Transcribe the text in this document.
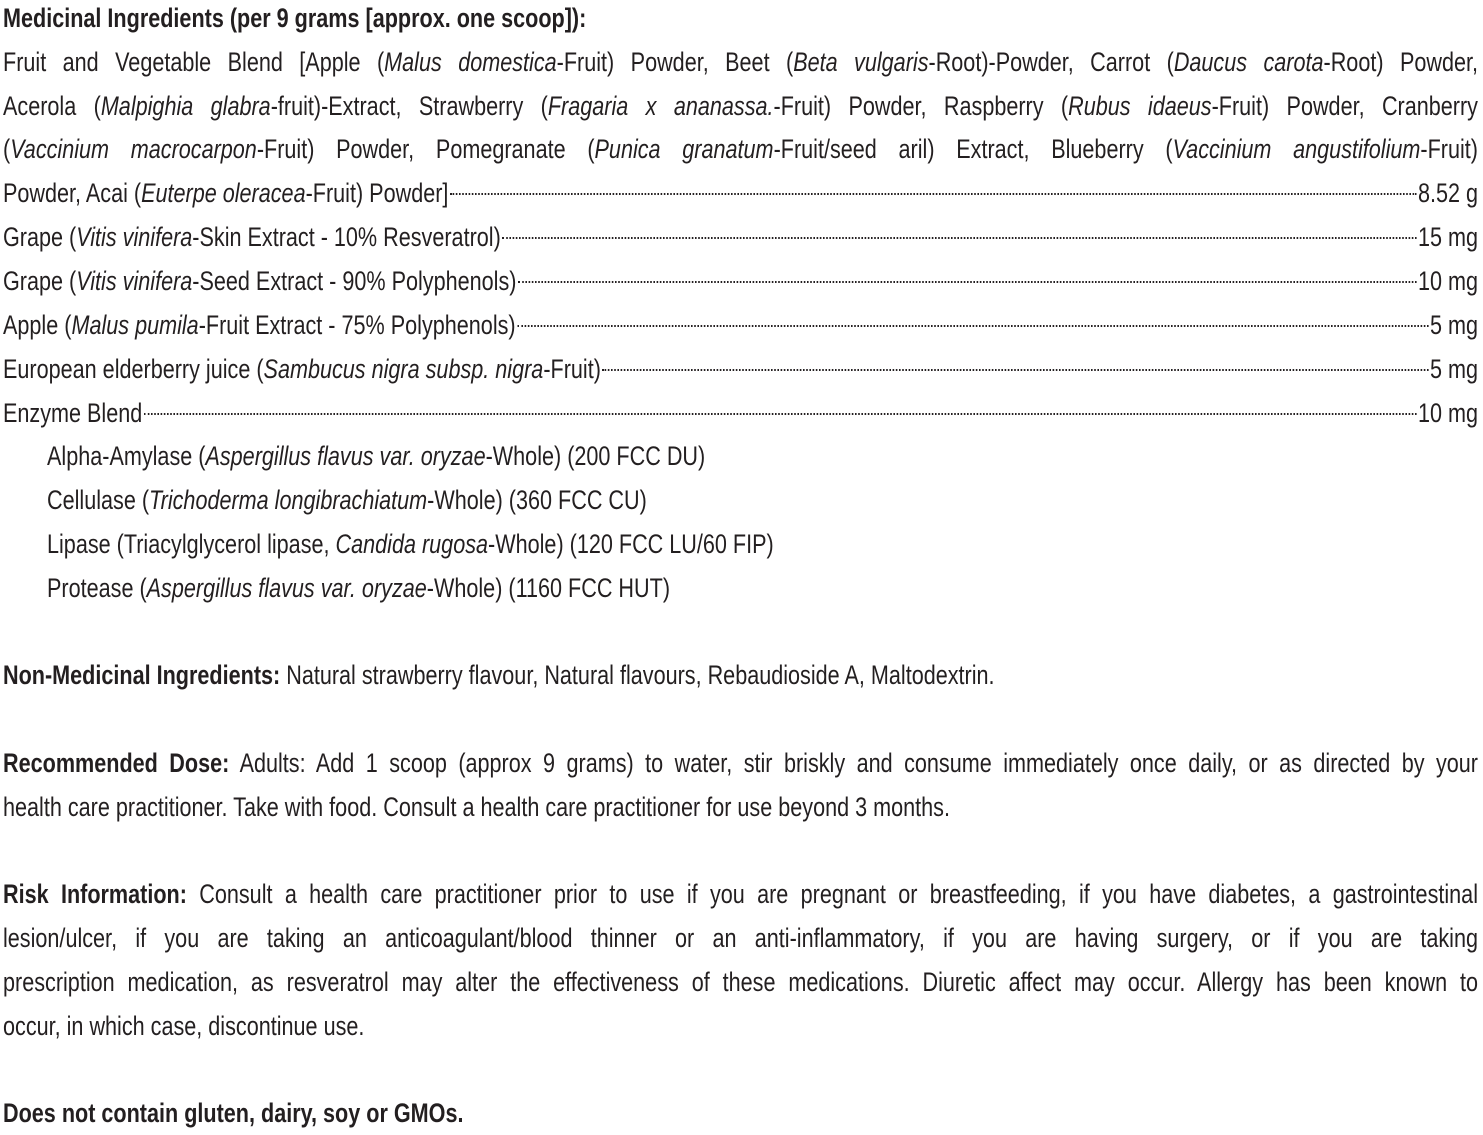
Medicinal Ingredients (per 9 grams [approx. one scoop]):
Fruit and Vegetable Blend [Apple (Malus domestica-Fruit) Powder, Beet (Beta vulgaris-Root)-Powder, Carrot (Daucus carota-Root) Powder,
Acerola (Malpighia glabra-fruit)-Extract, Strawberry (Fragaria x ananassa.-Fruit) Powder, Raspberry (Rubus idaeus-Fruit) Powder, Cranberry
(Vaccinium macrocarpon-Fruit) Powder, Pomegranate (Punica granatum-Fruit/seed aril) Extract, Blueberry (Vaccinium angustifolium-Fruit)
Powder, Acai (Euterpe oleracea-Fruit) Powder]	8.52 g
Grape (Vitis vinifera-Skin Extract - 10% Resveratrol)	15 mg
Grape (Vitis vinifera-Seed Extract - 90% Polyphenols)	10 mg
Apple (Malus pumila-Fruit Extract - 75% Polyphenols)	5 mg
European elderberry juice (Sambucus nigra subsp. nigra-Fruit)	5 mg
Enzyme Blend	10 mg
Alpha-Amylase (Aspergillus flavus var. oryzae-Whole) (200 FCC DU)
Cellulase (Trichoderma longibrachiatum-Whole) (360 FCC CU)
Lipase (Triacylglycerol lipase, Candida rugosa-Whole) (120 FCC LU/60 FIP)
Protease (Aspergillus flavus var. oryzae-Whole) (1160 FCC HUT)
Non-Medicinal Ingredients: Natural strawberry flavour, Natural flavours, Rebaudioside A, Maltodextrin.
Recommended Dose: Adults: Add 1 scoop (approx 9 grams) to water, stir briskly and consume immediately once daily, or as directed by your
health care practitioner. Take with food. Consult a health care practitioner for use beyond 3 months.
Risk Information: Consult a health care practitioner prior to use if you are pregnant or breastfeeding, if you have diabetes, a gastrointestinal
lesion/ulcer, if you are taking an anticoagulant/blood thinner or an anti-inflammatory, if you are having surgery, or if you are taking
prescription medication, as resveratrol may alter the effectiveness of these medications. Diuretic affect may occur. Allergy has been known to
occur, in which case, discontinue use.
Does not contain gluten, dairy, soy or GMOs.
